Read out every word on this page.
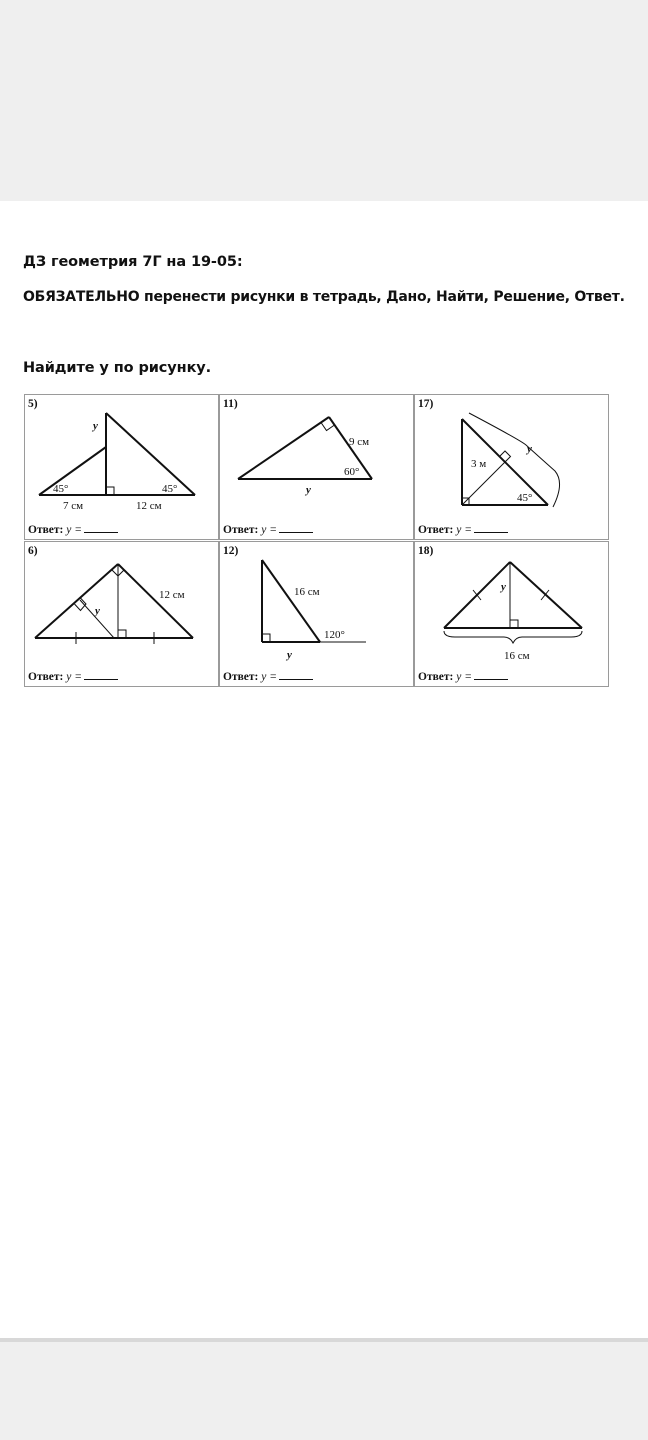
ДЗ геометрия 7Г на 19-05:

ОБЯЗАТЕЛЬНО перенести рисунки в тетрадь, Дано, Найти, Решение, Ответ.

Найдите y по рисунку.

5)
y
45°	45°
7 см	12 см
Ответ: y =
11)
9 см
60°
y
Ответ: y =
17)
y
3 м
45°
Ответ: y =
6)
12 см
y
Ответ: y =
12)
16 см
120°
y
Ответ: y =
18)
y
16 см
Ответ: y =
